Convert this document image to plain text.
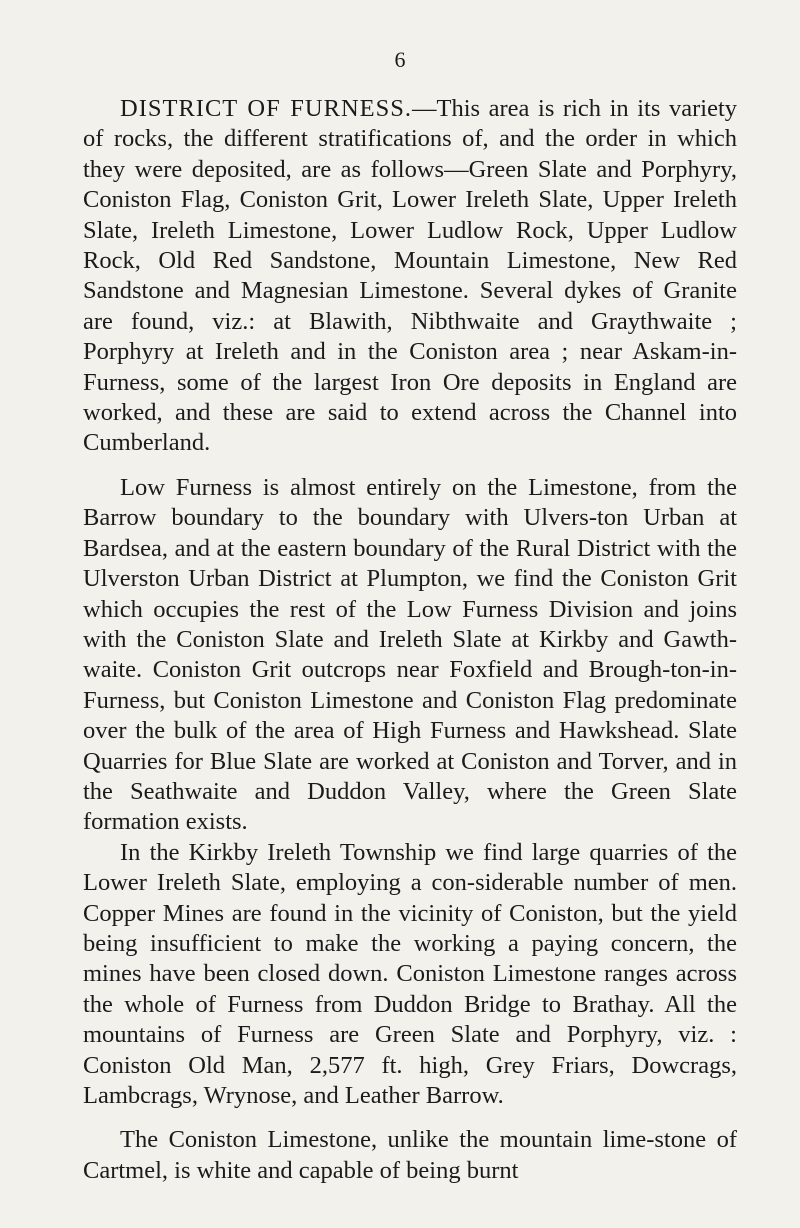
6

DISTRICT OF FURNESS.—This area is rich in its variety of rocks, the different stratifications of, and the order in which they were deposited, are as follows—Green Slate and Porphyry, Coniston Flag, Coniston Grit, Lower Ireleth Slate, Upper Ireleth Slate, Ireleth Limestone, Lower Ludlow Rock, Upper Ludlow Rock, Old Red Sandstone, Mountain Limestone, New Red Sandstone and Magnesian Limestone. Several dykes of Granite are found, viz.: at Blawith, Nibthwaite and Graythwaite ; Porphyry at Ireleth and in the Coniston area ; near Askam-in-Furness, some of the largest Iron Ore deposits in England are worked, and these are said to extend across the Channel into Cumberland.

Low Furness is almost entirely on the Limestone, from the Barrow boundary to the boundary with Ulvers-ton Urban at Bardsea, and at the eastern boundary of the Rural District with the Ulverston Urban District at Plumpton, we find the Coniston Grit which occupies the rest of the Low Furness Division and joins with the Coniston Slate and Ireleth Slate at Kirkby and Gawth-waite. Coniston Grit outcrops near Foxfield and Brough-ton-in-Furness, but Coniston Limestone and Coniston Flag predominate over the bulk of the area of High Furness and Hawkshead. Slate Quarries for Blue Slate are worked at Coniston and Torver, and in the Seathwaite and Duddon Valley, where the Green Slate formation exists.

In the Kirkby Ireleth Township we find large quarries of the Lower Ireleth Slate, employing a con-siderable number of men. Copper Mines are found in the vicinity of Coniston, but the yield being insufficient to make the working a paying concern, the mines have been closed down. Coniston Limestone ranges across the whole of Furness from Duddon Bridge to Brathay. All the mountains of Furness are Green Slate and Porphyry, viz. : Coniston Old Man, 2,577 ft. high, Grey Friars, Dowcrags, Lambcrags, Wrynose, and Leather Barrow.

The Coniston Limestone, unlike the mountain lime-stone of Cartmel, is white and capable of being burnt
